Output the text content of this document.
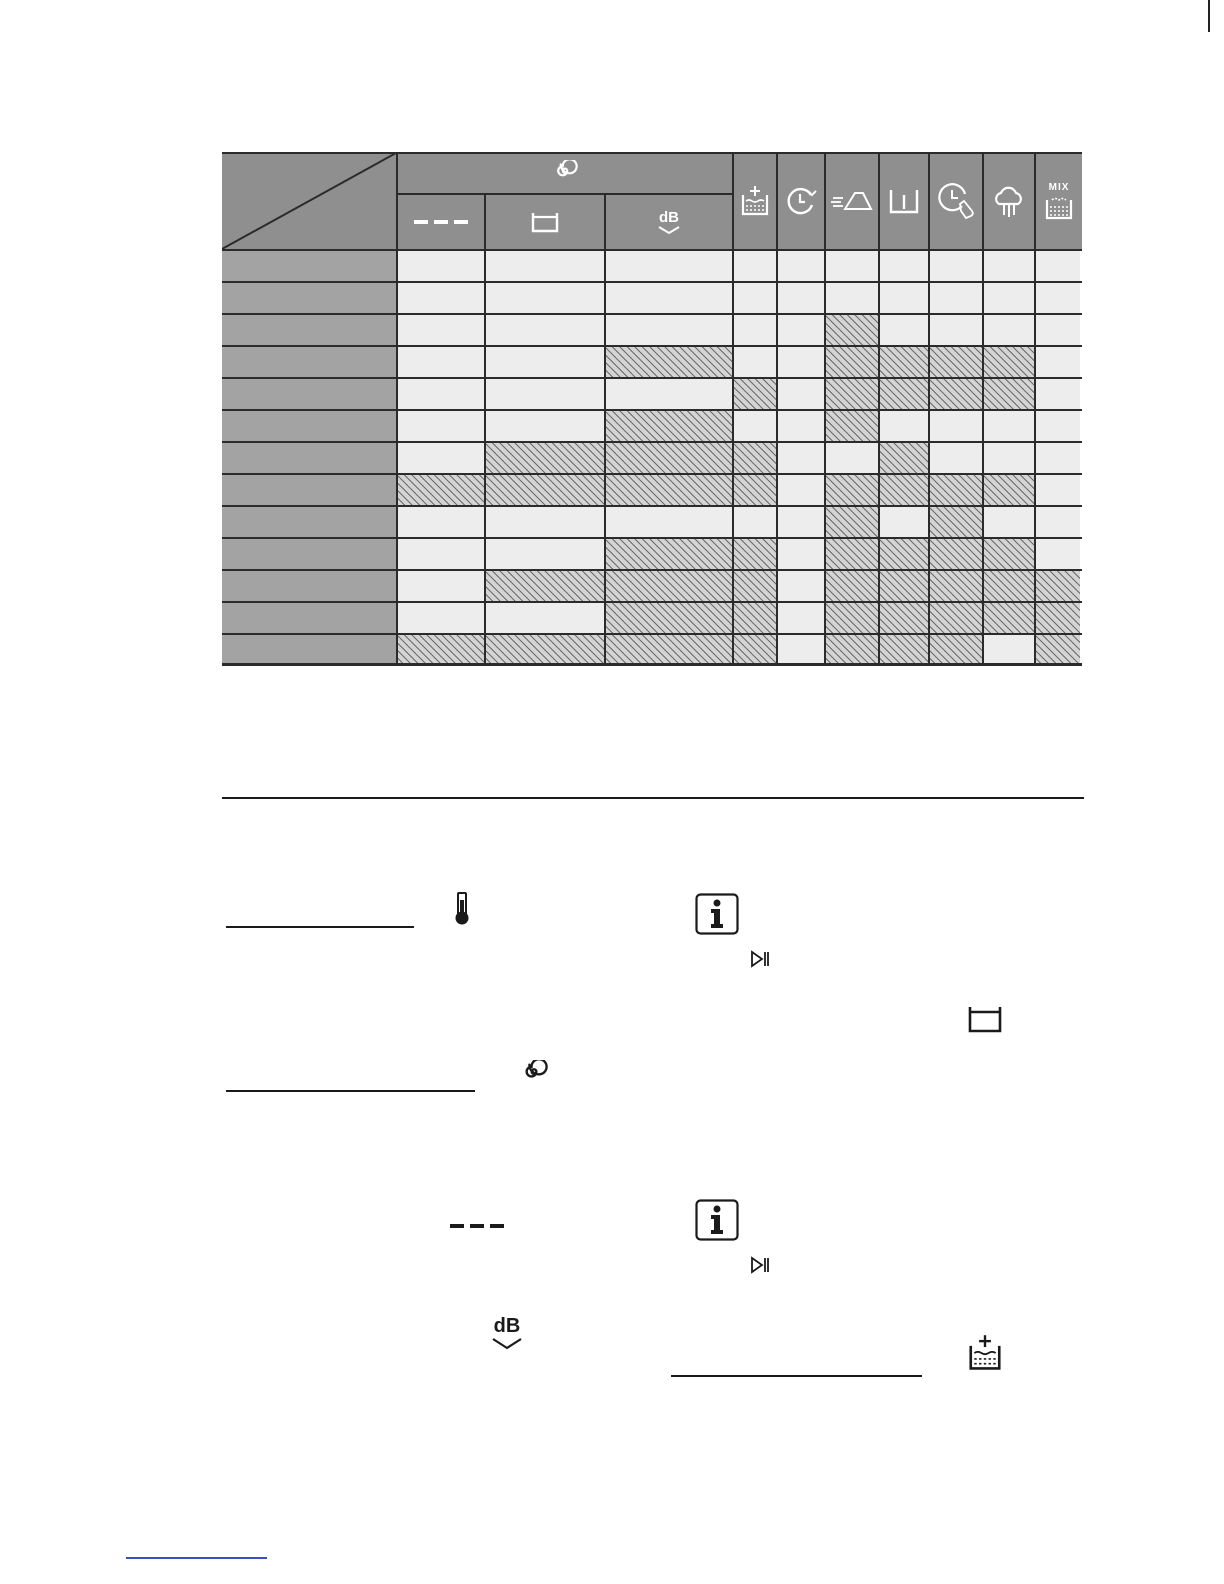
dB
MIX
dB
